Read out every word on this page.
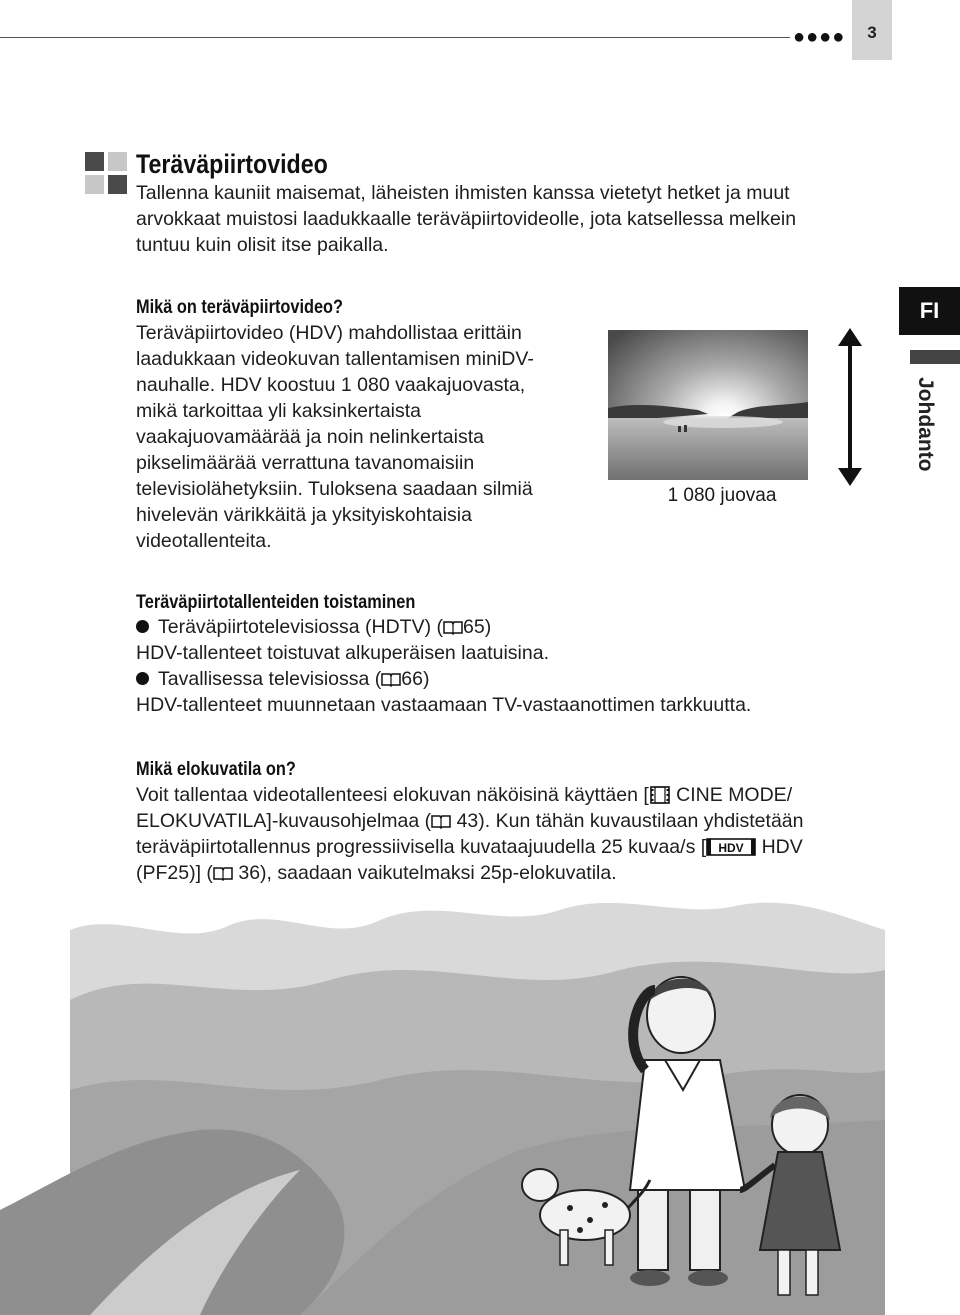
●●●●	3
Teräväpiirtovideo
Tallenna kauniit maisemat, läheisten ihmisten kanssa vietetyt hetket ja muut
arvokkaat muistosi laadukkaalle teräväpiirtovideolle, jota katsellessa melkein
tuntuu kuin olisit itse paikalla.
FI
Johdanto
Mikä on teräväpiirtovideo?
Teräväpiirtovideo (HDV) mahdollistaa erittäin
laadukkaan videokuvan tallentamisen miniDV-
nauhalle. HDV koostuu 1 080 vaakajuovasta,
mikä tarkoittaa yli kaksinkertaista
vaakajuovamäärää ja noin nelinkertaista
pikselimäärää verrattuna tavanomaisiin
televisiolähetyksiin. Tuloksena saadaan silmiä
hivelevän värikkäitä ja yksityiskohtaisia
videotallenteita.
1 080 juovaa
Teräväpiirtotallenteiden toistaminen
Teräväpiirtotelevisiossa (HDTV) ( 65)
HDV-tallenteet toistuvat alkuperäisen laatuisina.
Tavallisessa televisiossa ( 66)
HDV-tallenteet muunnetaan vastaamaan TV-vastaanottimen tarkkuutta.
Mikä elokuvatila on?
Voit tallentaa videotallenteesi elokuvan näköisinä käyttäen [ CINE MODE/
ELOKUVATILA]-kuvausohjelmaa ( 43). Kun tähän kuvaustilaan yhdistetään
teräväpiirtotallennus progressiivisella kuvataajuudella 25 kuvaa/s [ HDV HDV
(PF25)] ( 36), saadaan vaikutelmaksi 25p-elokuvatila.
